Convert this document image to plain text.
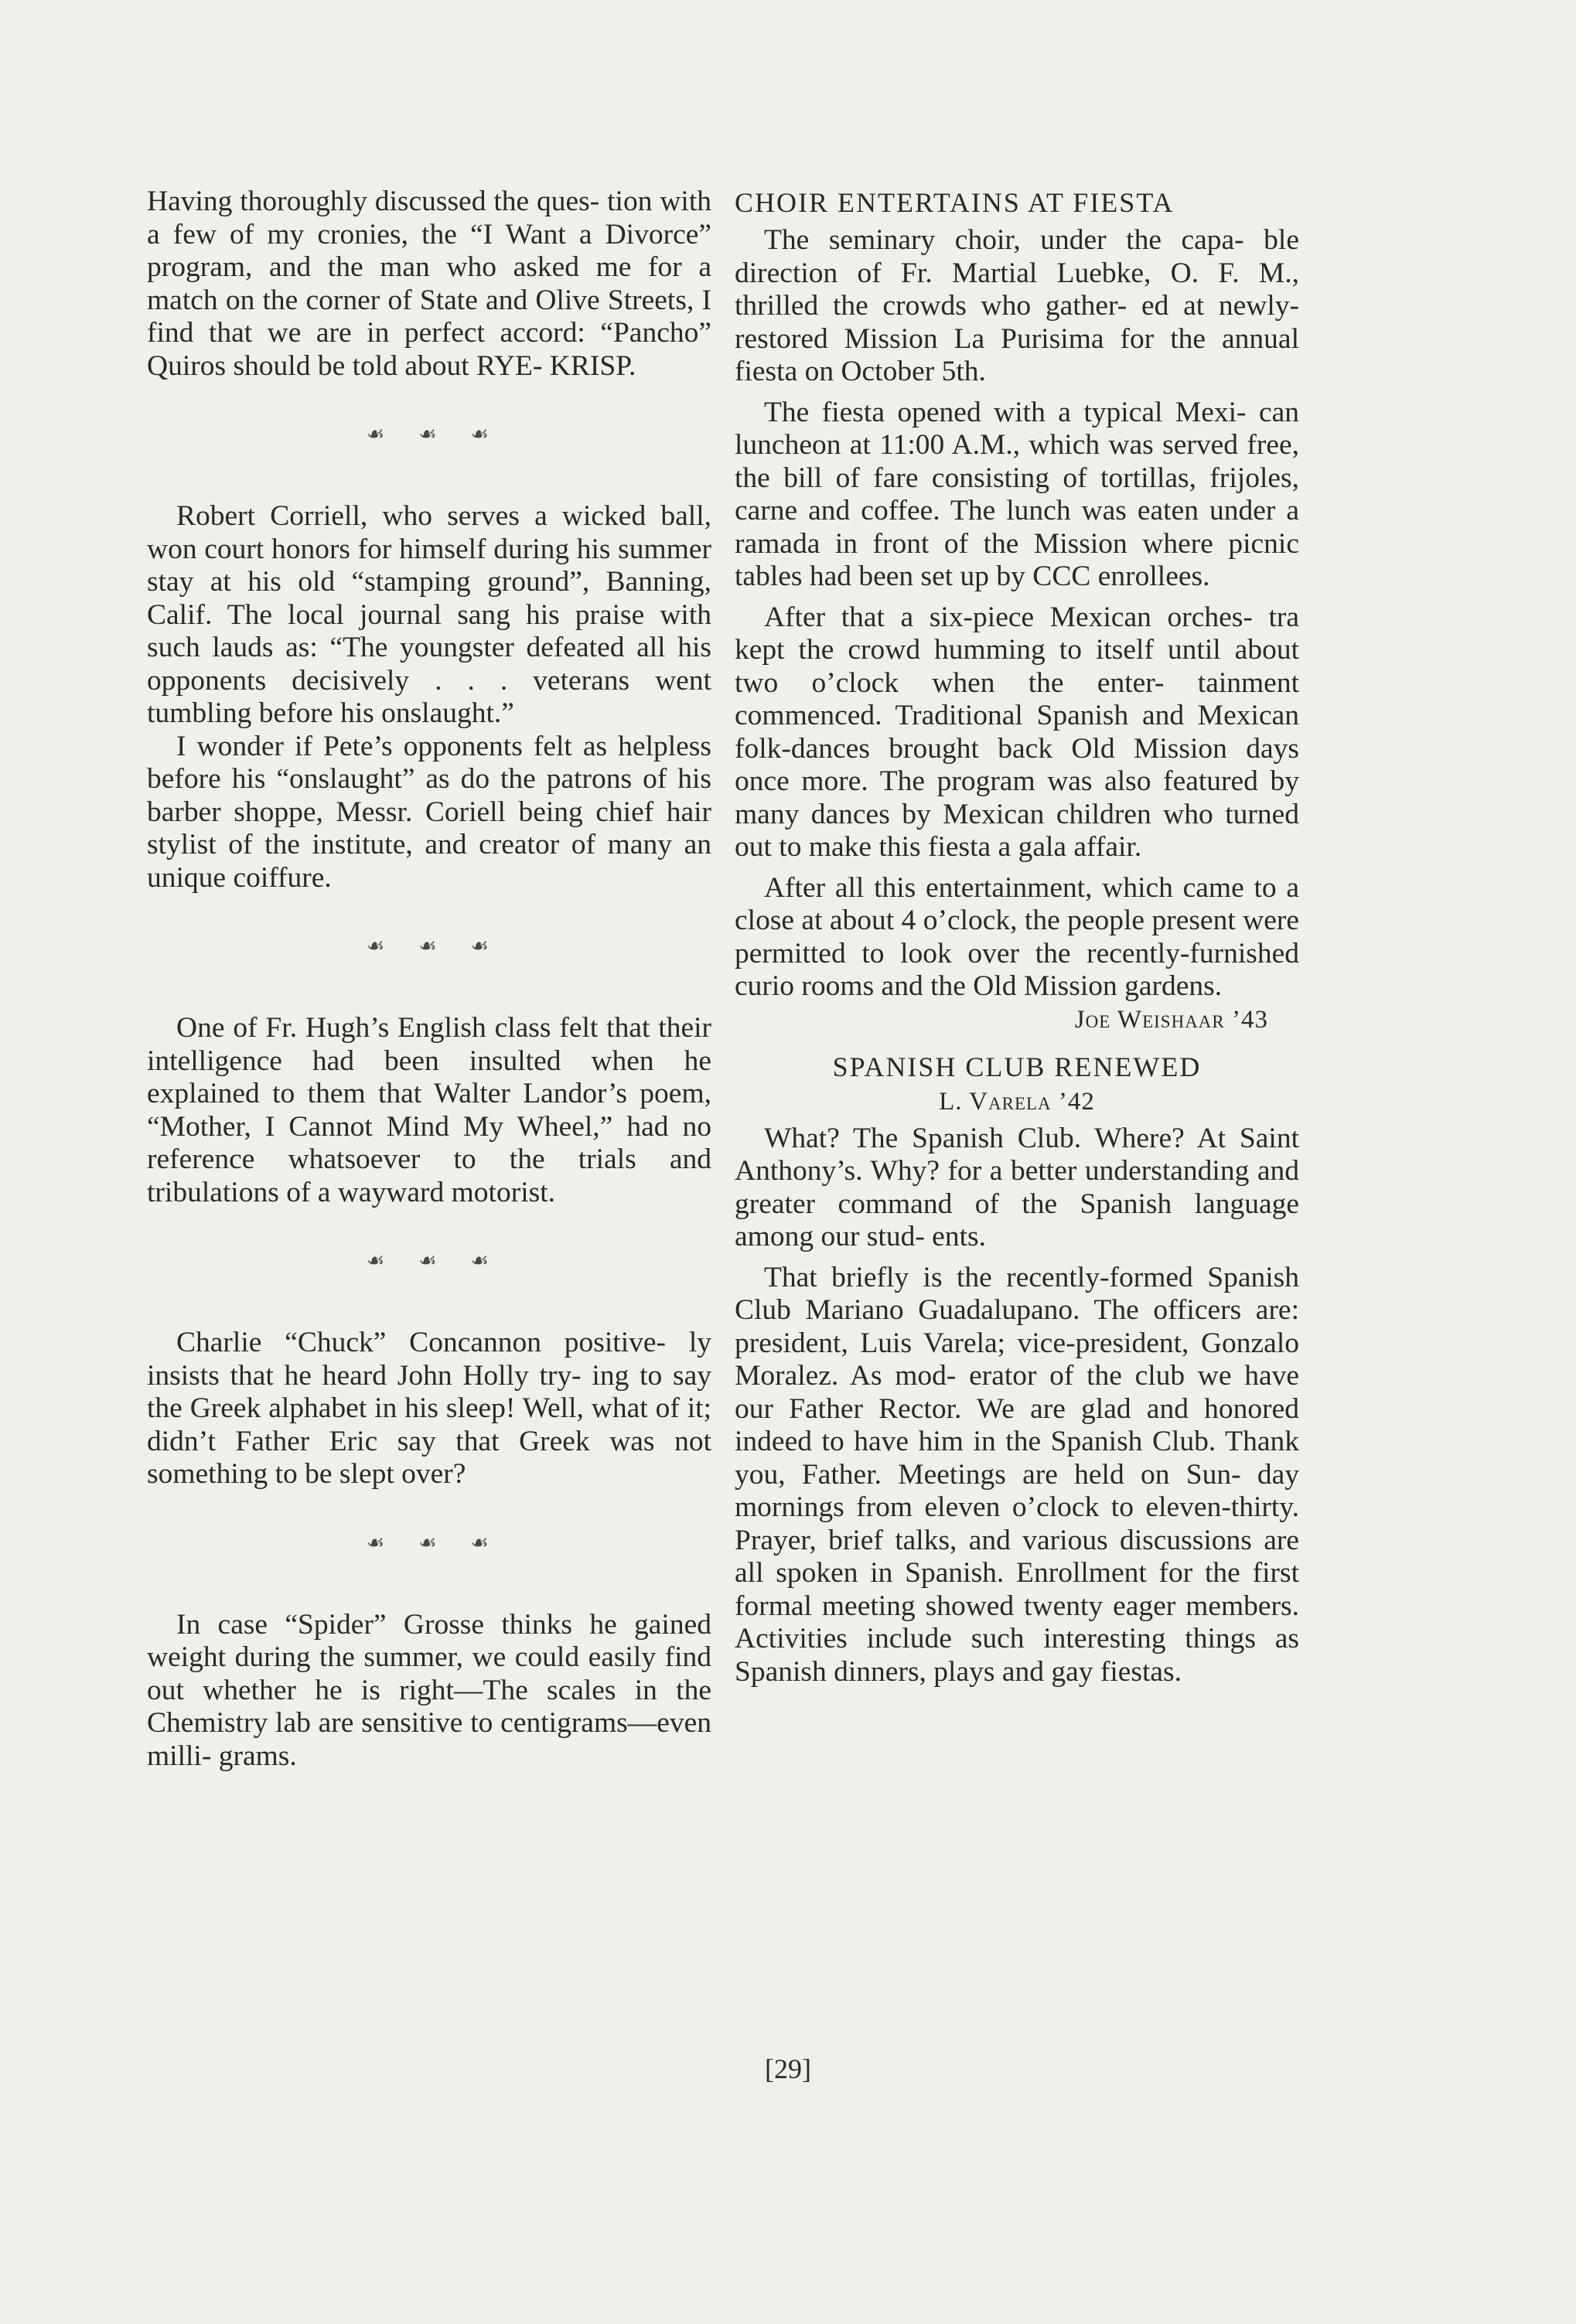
Having thoroughly discussed the ques- tion with a few of my cronies, the “I Want a Divorce” program, and the man who asked me for a match on the corner of State and Olive Streets, I find that we are in perfect accord: “Pancho” Quiros should be told about RYE- KRISP.

☙☙☙

Robert Corriell, who serves a wicked ball, won court honors for himself during his summer stay at his old “stamping ground”, Banning, Calif. The local journal sang his praise with such lauds as: “The youngster defeated all his opponents decisively . . . veterans went tumbling before his onslaught.”

I wonder if Pete’s opponents felt as helpless before his “onslaught” as do the patrons of his barber shoppe, Messr. Coriell being chief hair stylist of the institute, and creator of many an unique coiffure.

☙☙☙

One of Fr. Hugh’s English class felt that their intelligence had been insulted when he explained to them that Walter Landor’s poem, “Mother, I Cannot Mind My Wheel,” had no reference whatsoever to the trials and tribulations of a wayward motorist.

☙☙☙

Charlie “Chuck” Concannon positive- ly insists that he heard John Holly try- ing to say the Greek alphabet in his sleep! Well, what of it; didn’t Father Eric say that Greek was not something to be slept over?

☙☙☙

In case “Spider” Grosse thinks he gained weight during the summer, we could easily find out whether he is right—The scales in the Chemistry lab are sensitive to centigrams—even milli- grams.

CHOIR ENTERTAINS AT FIESTA

The seminary choir, under the capa- ble direction of Fr. Martial Luebke, O. F. M., thrilled the crowds who gather- ed at newly-restored Mission La Purisima for the annual fiesta on October 5th.

The fiesta opened with a typical Mexi- can luncheon at 11:00 A.M., which was served free, the bill of fare consisting of tortillas, frijoles, carne and coffee. The lunch was eaten under a ramada in front of the Mission where picnic tables had been set up by CCC enrollees.

After that a six-piece Mexican orches- tra kept the crowd humming to itself until about two o’clock when the enter- tainment commenced. Traditional Spanish and Mexican folk-dances brought back Old Mission days once more. The program was also featured by many dances by Mexican children who turned out to make this fiesta a gala affair.

After all this entertainment, which came to a close at about 4 o’clock, the people present were permitted to look over the recently-furnished curio rooms and the Old Mission gardens.

Joe Weishaar ’43
SPANISH CLUB RENEWED
L. Varela ’42

What? The Spanish Club. Where? At Saint Anthony’s. Why? for a better understanding and greater command of the Spanish language among our stud- ents.

That briefly is the recently-formed Spanish Club Mariano Guadalupano. The officers are: president, Luis Varela; vice-president, Gonzalo Moralez. As mod- erator of the club we have our Father Rector. We are glad and honored indeed to have him in the Spanish Club. Thank you, Father. Meetings are held on Sun- day mornings from eleven o’clock to eleven-thirty. Prayer, brief talks, and various discussions are all spoken in Spanish. Enrollment for the first formal meeting showed twenty eager members. Activities include such interesting things as Spanish dinners, plays and gay fiestas.

[29]
